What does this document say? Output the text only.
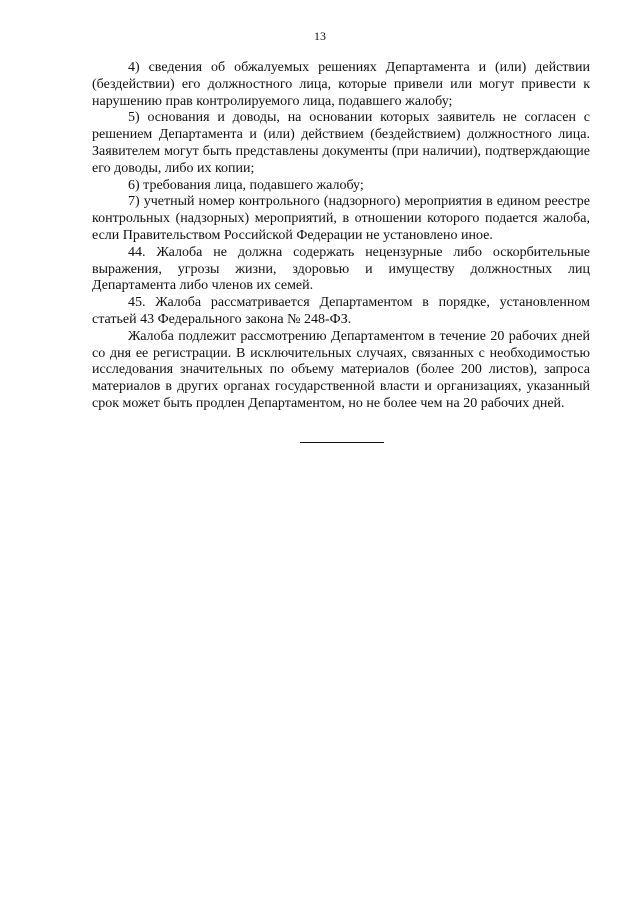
13

4) сведения об обжалуемых решениях Департамента и (или) действии (бездействии) его должностного лица, которые привели или могут привести к нарушению прав контролируемого лица, подавшего жалобу;

5) основания и доводы, на основании которых заявитель не согласен с решением Департамента и (или) действием (бездействием) должностного лица. Заявителем могут быть представлены документы (при наличии), подтверждающие его доводы, либо их копии;

6) требования лица, подавшего жалобу;

7) учетный номер контрольного (надзорного) мероприятия в едином реестре контрольных (надзорных) мероприятий, в отношении которого подается жалоба, если Правительством Российской Федерации не установлено иное.

44. Жалоба не должна содержать нецензурные либо оскорбительные выражения, угрозы жизни, здоровью и имуществу должностных лиц Департамента либо членов их семей.

45. Жалоба рассматривается Департаментом в порядке, установленном статьей 43 Федерального закона № 248-ФЗ.

Жалоба подлежит рассмотрению Департаментом в течение 20 рабочих дней со дня ее регистрации. В исключительных случаях, связанных с необходимостью исследования значительных по объему материалов (более 200 листов), запроса материалов в других органах государственной власти и организациях, указанный срок может быть продлен Департаментом, но не более чем на 20 рабочих дней.
